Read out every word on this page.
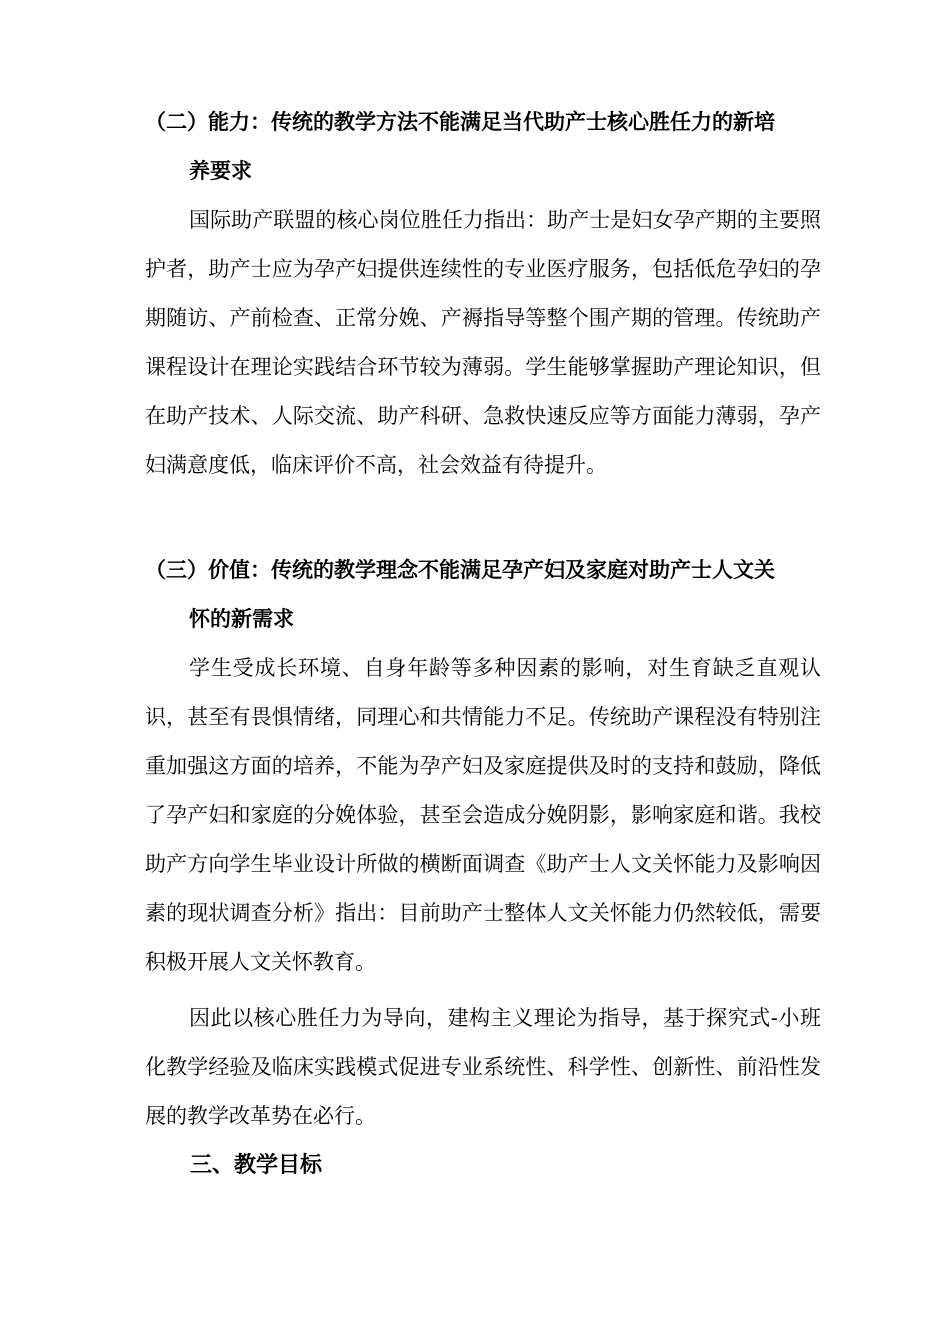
（二）能力：传统的教学方法不能满足当代助产士核心胜任力的新培
养要求

国际助产联盟的核心岗位胜任力指出：助产士是妇女孕产期的主要照护者，助产士应为孕产妇提供连续性的专业医疗服务，包括低危孕妇的孕期随访、产前检查、正常分娩、产褥指导等整个围产期的管理。传统助产课程设计在理论实践结合环节较为薄弱。学生能够掌握助产理论知识，但在助产技术、人际交流、助产科研、急救快速反应等方面能力薄弱，孕产妇满意度低，临床评价不高，社会效益有待提升。

（三）价值：传统的教学理念不能满足孕产妇及家庭对助产士人文关
怀的新需求

学生受成长环境、自身年龄等多种因素的影响，对生育缺乏直观认识，甚至有畏惧情绪，同理心和共情能力不足。传统助产课程没有特别注重加强这方面的培养，不能为孕产妇及家庭提供及时的支持和鼓励，降低了孕产妇和家庭的分娩体验，甚至会造成分娩阴影，影响家庭和谐。我校助产方向学生毕业设计所做的横断面调查《助产士人文关怀能力及影响因素的现状调查分析》指出：目前助产士整体人文关怀能力仍然较低，需要积极开展人文关怀教育。

因此以核心胜任力为导向，建构主义理论为指导，基于探究式-小班化教学经验及临床实践模式促进专业系统性、科学性、创新性、前沿性发展的教学改革势在必行。

三、教学目标
